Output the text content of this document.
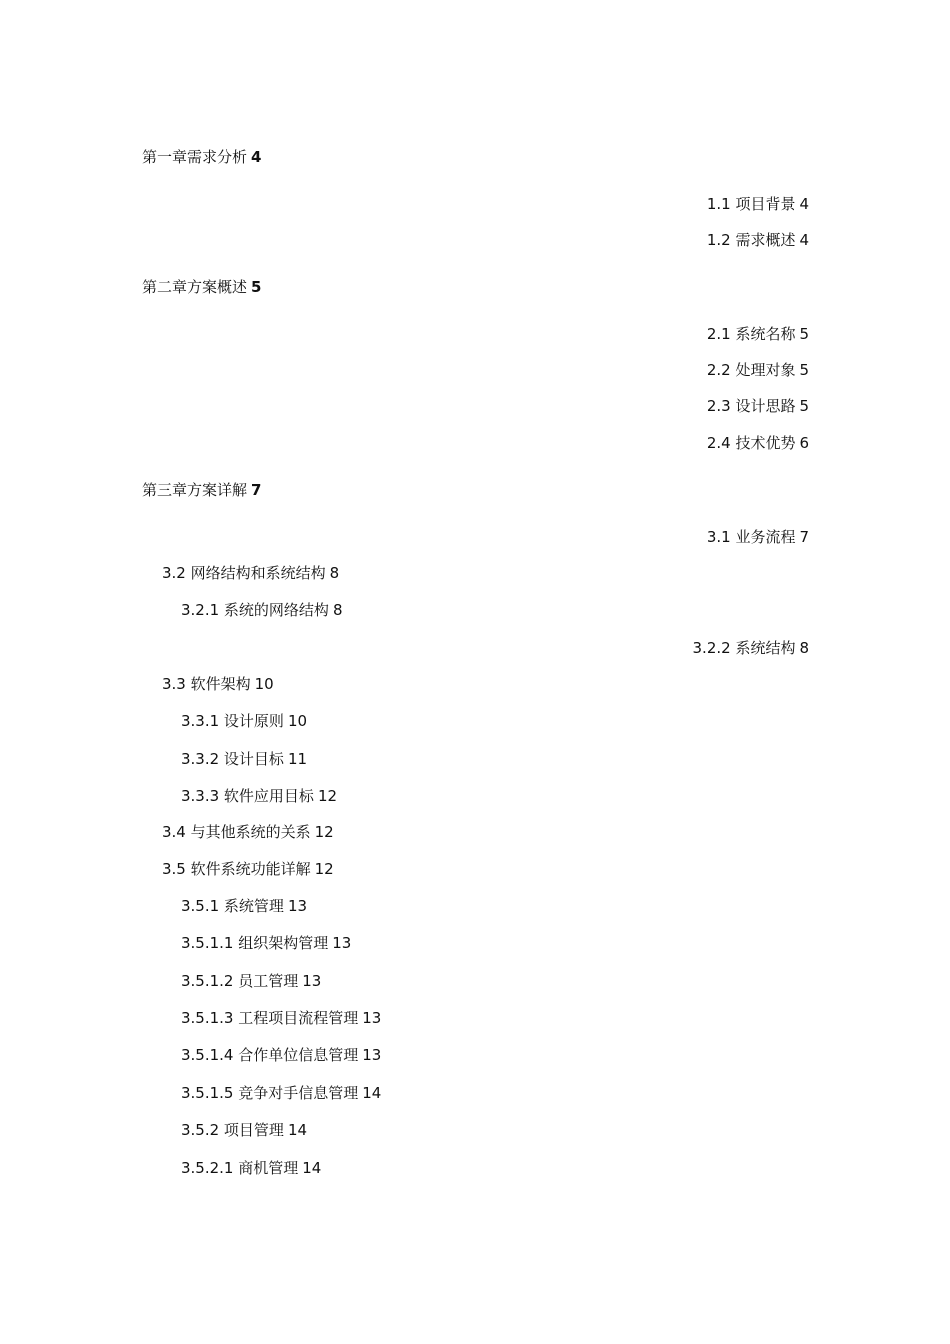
第一章需求分析 4
1.1 项目背景 4
1.2 需求概述 4
第二章方案概述 5
2.1 系统名称 5
2.2 处理对象 5
2.3 设计思路 5
2.4 技术优势 6
第三章方案详解 7
3.1 业务流程 7
3.2 网络结构和系统结构 8
3.2.1 系统的网络结构 8
3.2.2 系统结构 8
3.3 软件架构 10
3.3.1 设计原则 10
3.3.2 设计目标 11
3.3.3 软件应用目标 12
3.4 与其他系统的关系 12
3.5 软件系统功能详解 12
3.5.1 系统管理 13
3.5.1.1 组织架构管理 13
3.5.1.2 员工管理 13
3.5.1.3 工程项目流程管理 13
3.5.1.4 合作单位信息管理 13
3.5.1.5 竞争对手信息管理 14
3.5.2 项目管理 14
3.5.2.1 商机管理 14
